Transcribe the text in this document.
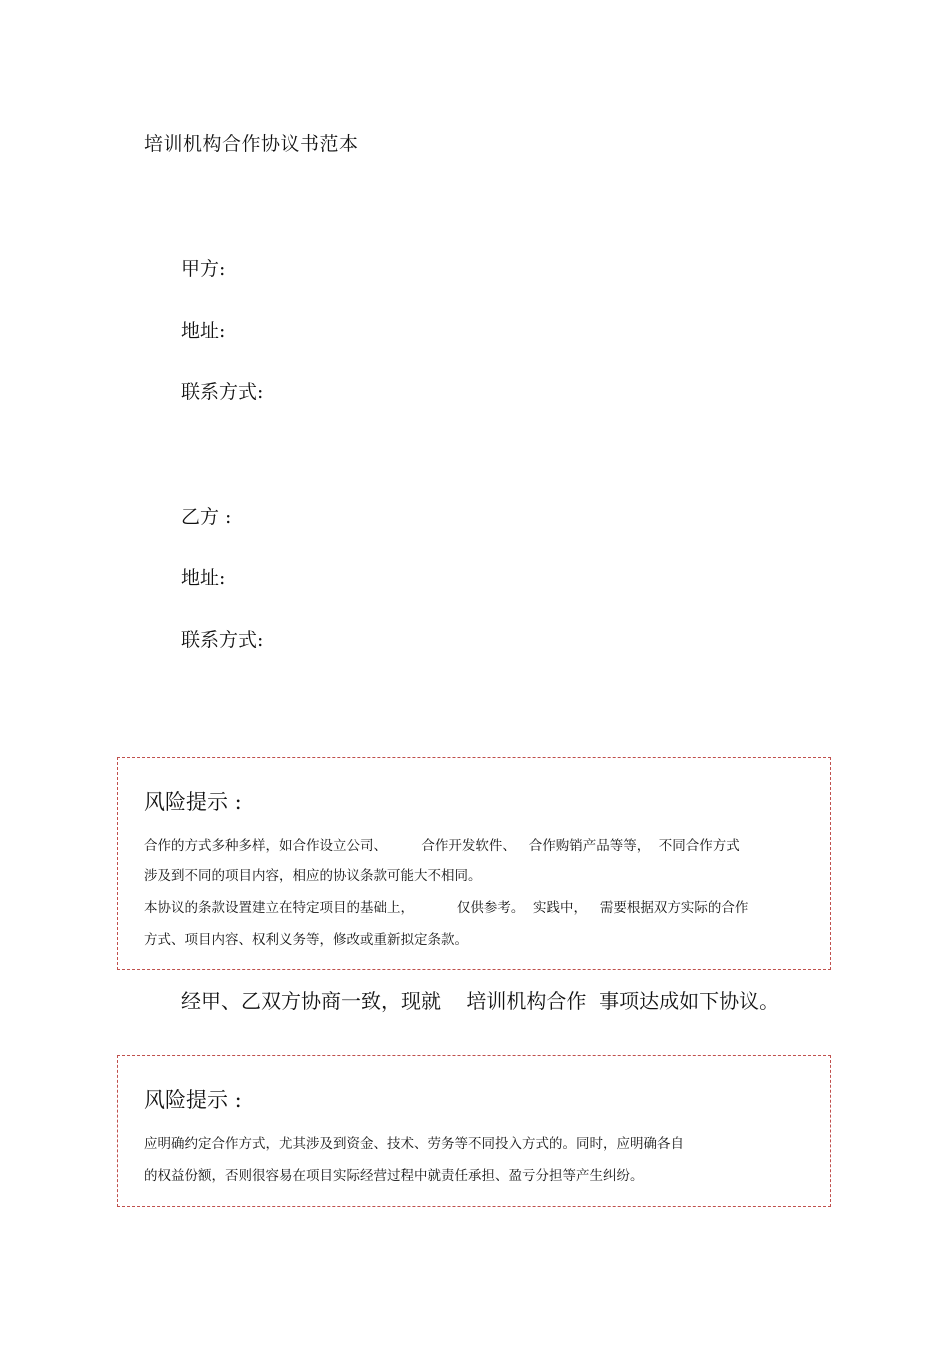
培训机构合作协议书范本
甲方:
地址:
联系方式:
乙方 :
地址:
联系方式:
风险提示 :
合作的方式多种多样，如合作设立公司、        合作开发软件、   合作购销产品等等，  不同合作方式
涉及到不同的项目内容，相应的协议条款可能大不相同。
本协议的条款设置建立在特定项目的基础上，          仅供参考。  实践中，   需要根据双方实际的合作
方式、项目内容、权利义务等，修改或重新拟定条款。
经甲、乙双方协商一致，现就    培训机构合作  事项达成如下协议。
风险提示 :
应明确约定合作方式，尤其涉及到资金、技术、劳务等不同投入方式的。同时，应明确各自
的权益份额，否则很容易在项目实际经营过程中就责任承担、盈亏分担等产生纠纷。
